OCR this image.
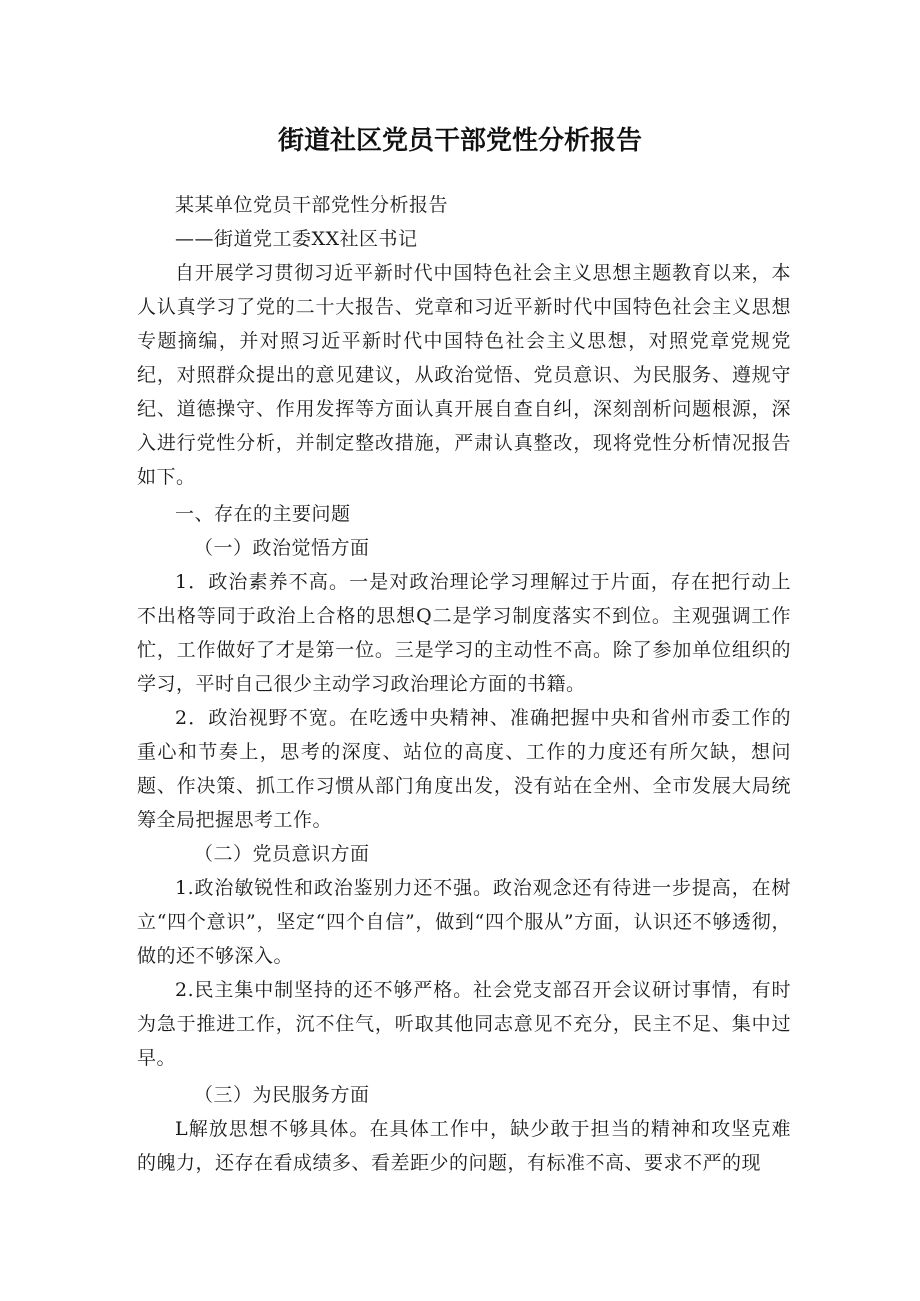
街道社区党员干部党性分析报告

某某单位党员干部党性分析报告

——街道党工委XX社区书记

自开展学习贯彻习近平新时代中国特色社会主义思想主题教育以来，本人认真学习了党的二十大报告、党章和习近平新时代中国特色社会主义思想专题摘编，并对照习近平新时代中国特色社会主义思想，对照党章党规党纪，对照群众提出的意见建议，从政治觉悟、党员意识、为民服务、遵规守纪、道德操守、作用发挥等方面认真开展自查自纠，深刻剖析问题根源，深入进行党性分析，并制定整改措施，严肃认真整改，现将党性分析情况报告如下。

一、存在的主要问题

（一）政治觉悟方面

1．政治素养不高。一是对政治理论学习理解过于片面，存在把行动上不出格等同于政治上合格的思想Q二是学习制度落实不到位。主观强调工作忙，工作做好了才是第一位。三是学习的主动性不高。除了参加单位组织的学习，平时自己很少主动学习政治理论方面的书籍。

2．政治视野不宽。在吃透中央精神、准确把握中央和省州市委工作的重心和节奏上，思考的深度、站位的高度、工作的力度还有所欠缺，想问题、作决策、抓工作习惯从部门角度出发，没有站在全州、全市发展大局统筹全局把握思考工作。

（二）党员意识方面

1.政治敏锐性和政治鉴别力还不强。政治观念还有待进一步提高，在树立“四个意识”，坚定“四个自信”，做到“四个服从”方面，认识还不够透彻，做的还不够深入。

2.民主集中制坚持的还不够严格。社会党支部召开会议研讨事情，有时为急于推进工作，沉不住气，听取其他同志意见不充分，民主不足、集中过早。

（三）为民服务方面

L解放思想不够具体。在具体工作中，缺少敢于担当的精神和攻坚克难的魄力，还存在看成绩多、看差距少的问题，有标准不高、要求不严的现
